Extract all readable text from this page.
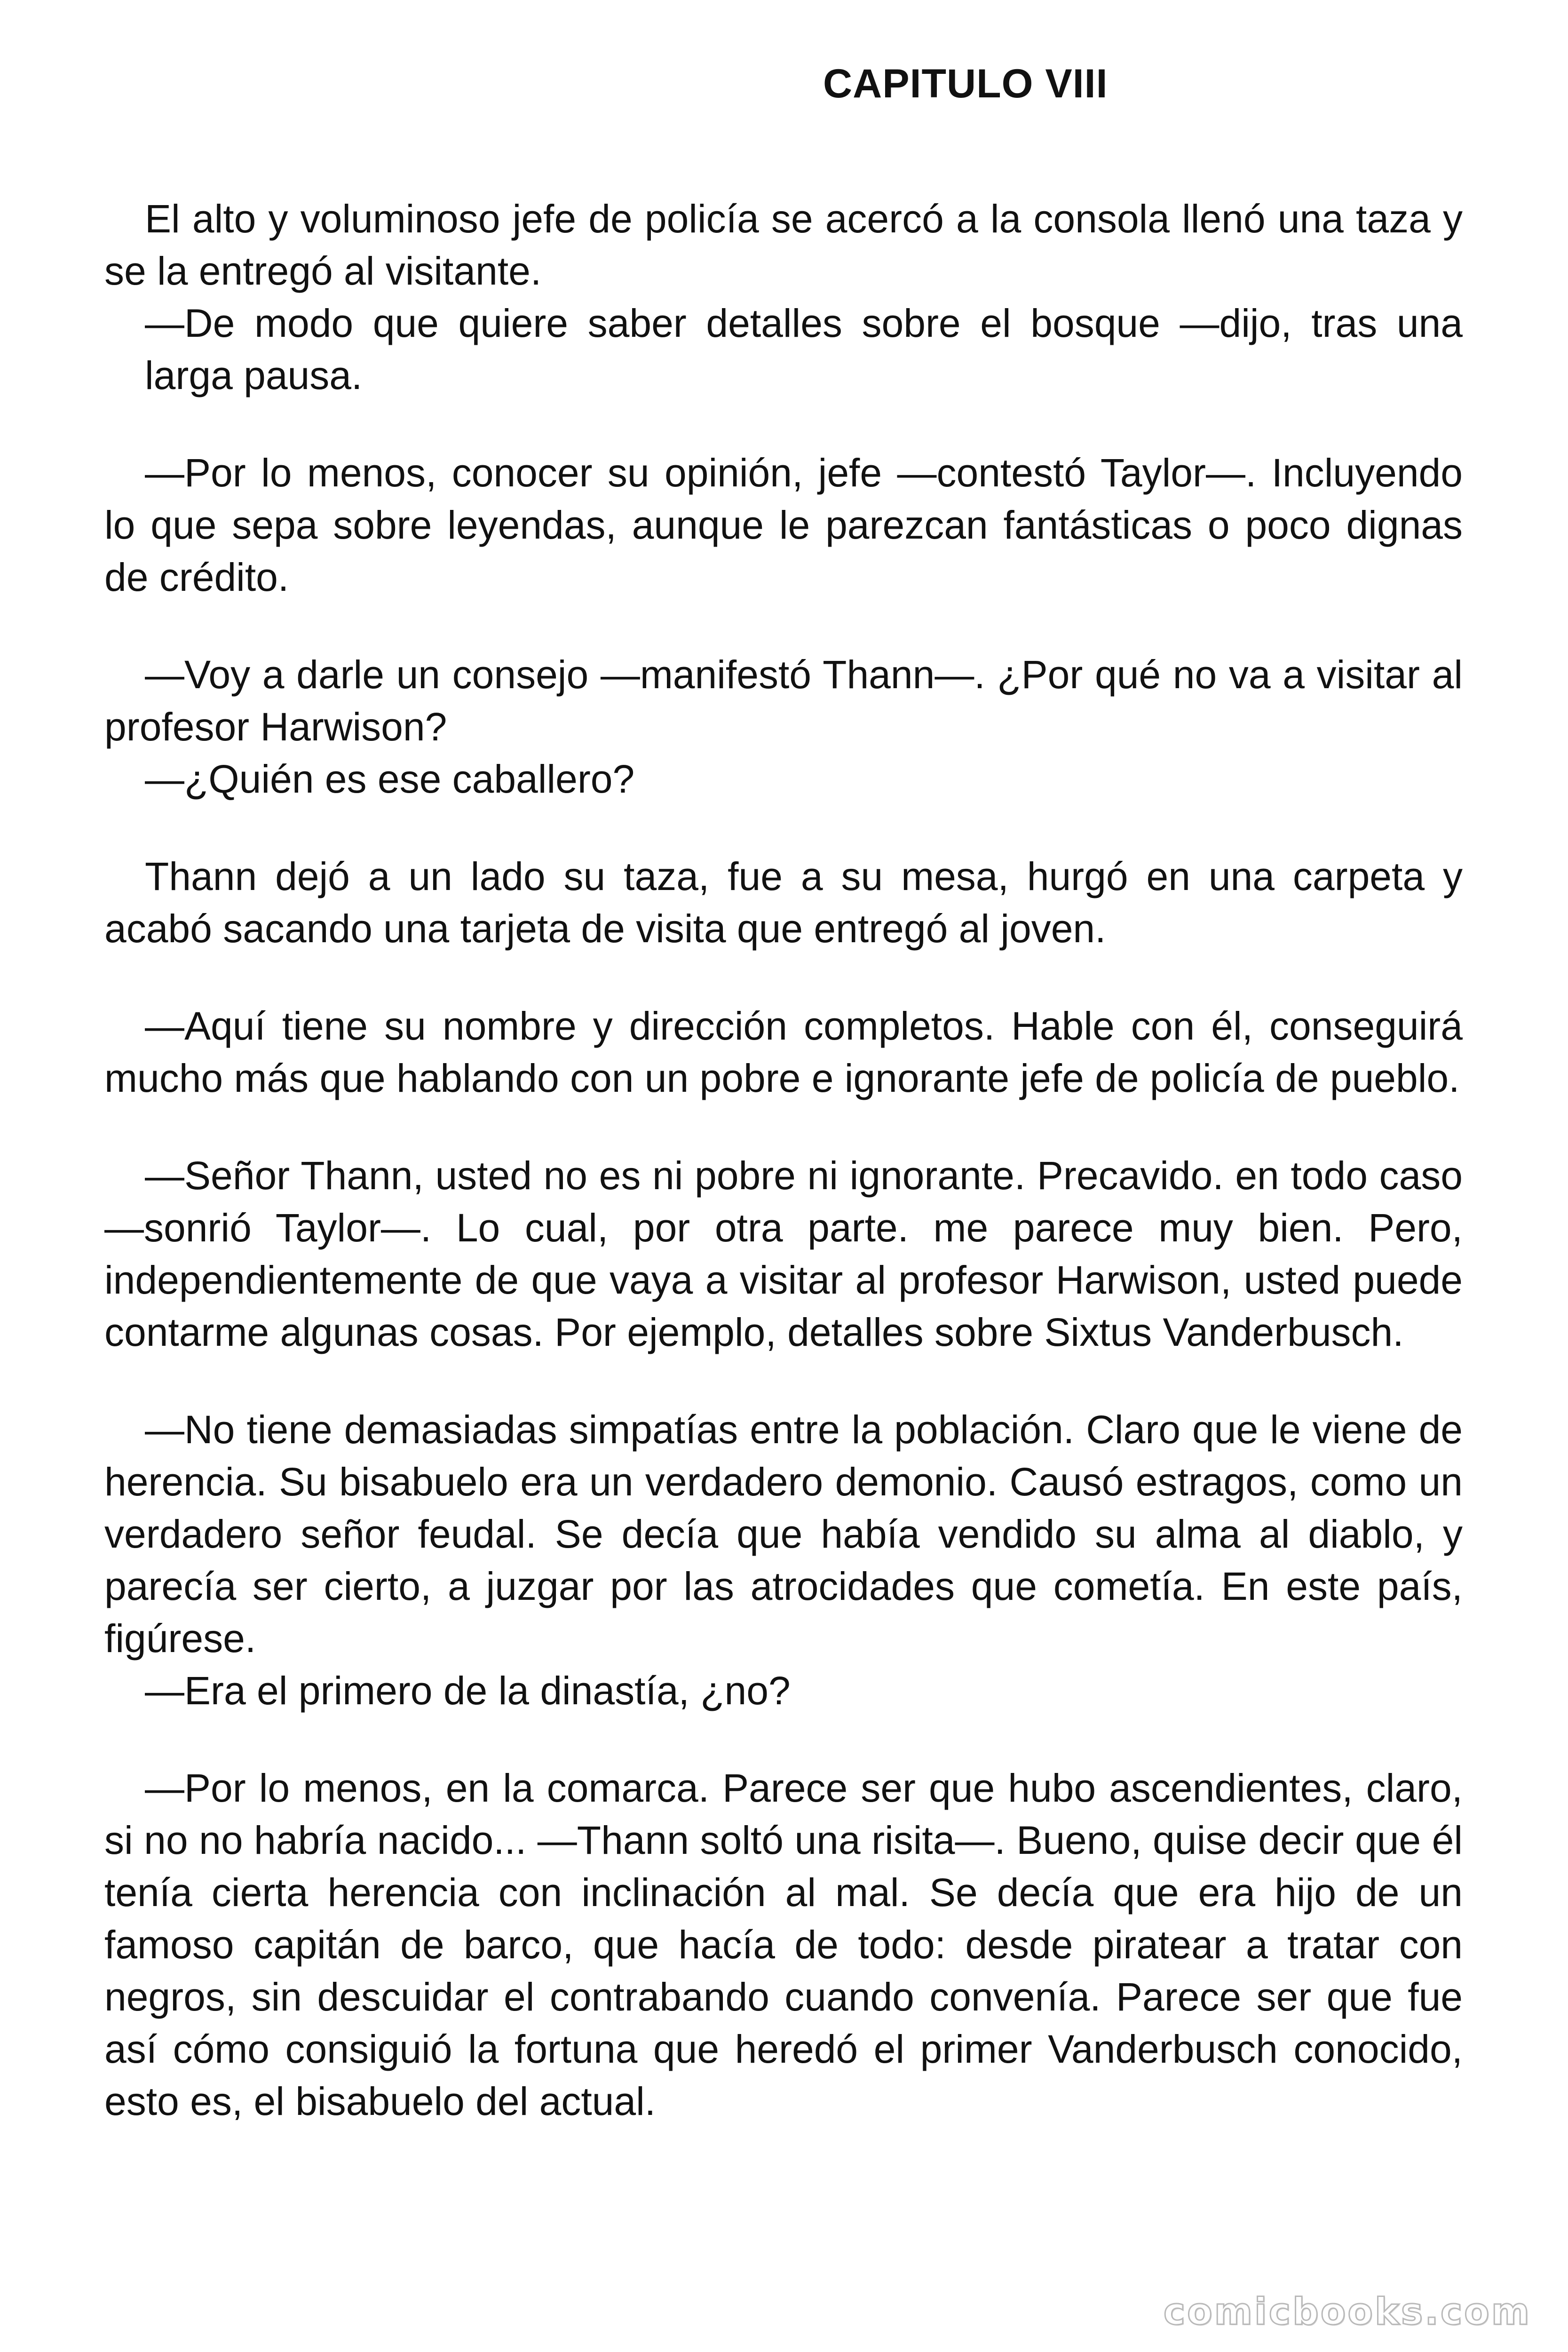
CAPITULO VIII

El alto y voluminoso jefe de policía se acercó a la consola llenó una taza y se la entregó al visitante.

—De modo que quiere saber detalles sobre el bosque —dijo, tras una larga pausa.

—Por lo menos, conocer su opinión, jefe —contestó Taylor—. Incluyendo lo que sepa sobre leyendas, aunque le parezcan fantásticas o poco dignas de crédito.

—Voy a darle un consejo —manifestó Thann—. ¿Por qué no va a visitar al profesor Harwison?

—¿Quién es ese caballero?

Thann dejó a un lado su taza, fue a su mesa, hurgó en una carpeta y acabó sacando una tarjeta de visita que entregó al joven.

—Aquí tiene su nombre y dirección completos. Hable con él, conseguirá mucho más que hablando con un pobre e ignorante jefe de policía de pueblo.

—Señor Thann, usted no es ni pobre ni ignorante. Precavido. en todo caso —sonrió Taylor—. Lo cual, por otra parte. me parece muy bien. Pero, independientemente de que vaya a visitar al profesor Harwison, usted puede contarme algunas cosas. Por ejemplo, detalles sobre Sixtus Vanderbusch.

—No tiene demasiadas simpatías entre la población. Claro que le viene de herencia. Su bisabuelo era un verdadero demonio. Causó estragos, como un verdadero señor feudal. Se decía que había vendido su alma al diablo, y parecía ser cierto, a juzgar por las atrocidades que cometía. En este país, figúrese.

—Era el primero de la dinastía, ¿no?

—Por lo menos, en la comarca. Parece ser que hubo ascendientes, claro, si no no habría nacido... —Thann soltó una risita—. Bueno, quise decir que él tenía cierta herencia con inclinación al mal. Se decía que era hijo de un famoso capitán de barco, que hacía de todo: desde piratear a tratar con negros, sin descuidar el contrabando cuando convenía. Parece ser que fue así cómo consiguió la fortuna que heredó el primer Vanderbusch conocido, esto es, el bisabuelo del actual.

comicbooks.com
